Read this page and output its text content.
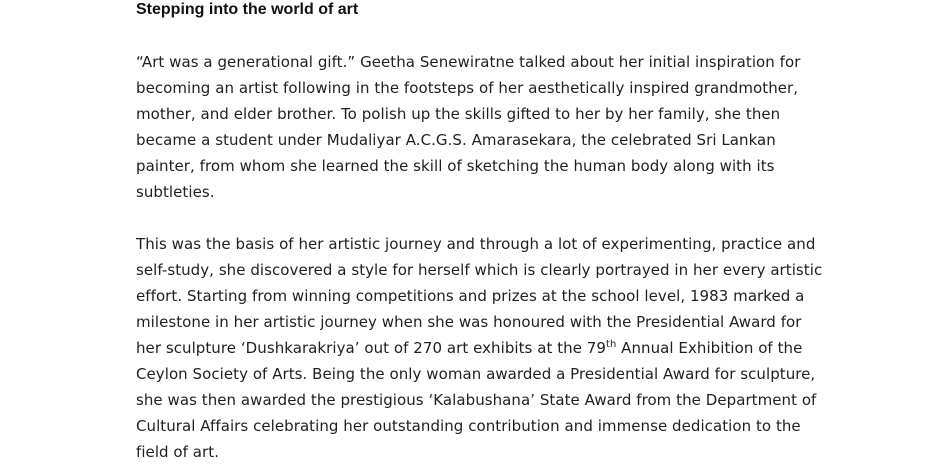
Stepping into the world of art

“Art was a generational gift.” Geetha Senewiratne talked about her initial inspiration for
becoming an artist following in the footsteps of her aesthetically inspired grandmother,
mother, and elder brother. To polish up the skills gifted to her by her family, she then
became a student under Mudaliyar A.C.G.S. Amarasekara, the celebrated Sri Lankan
painter, from whom she learned the skill of sketching the human body along with its
subtleties.

This was the basis of her artistic journey and through a lot of experimenting, practice and
self-study, she discovered a style for herself which is clearly portrayed in her every artistic
effort. Starting from winning competitions and prizes at the school level, 1983 marked a
milestone in her artistic journey when she was honoured with the Presidential Award for
her sculpture ‘Dushkarakriya’ out of 270 art exhibits at the 79th Annual Exhibition of the
Ceylon Society of Arts. Being the only woman awarded a Presidential Award for sculpture,
she was then awarded the prestigious ‘Kalabushana’ State Award from the Department of
Cultural Affairs celebrating her outstanding contribution and immense dedication to the
field of art.
